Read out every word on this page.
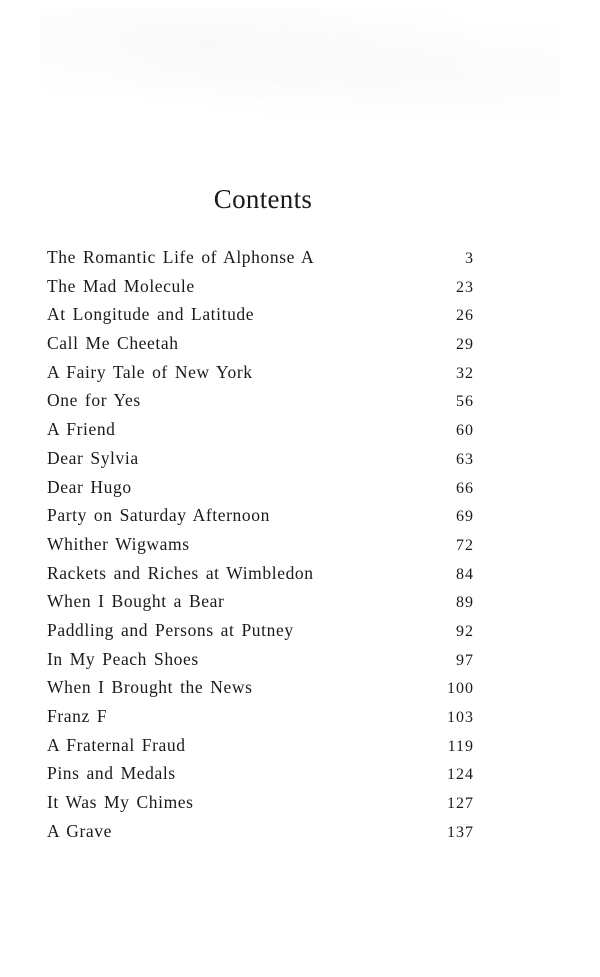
Contents
The Romantic Life of Alphonse A	3
The Mad Molecule	23
At Longitude and Latitude	26
Call Me Cheetah	29
A Fairy Tale of New York	32
One for Yes	56
A Friend	60
Dear Sylvia	63
Dear Hugo	66
Party on Saturday Afternoon	69
Whither Wigwams	72
Rackets and Riches at Wimbledon	84
When I Bought a Bear	89
Paddling and Persons at Putney	92
In My Peach Shoes	97
When I Brought the News	100
Franz F	103
A Fraternal Fraud	119
Pins and Medals	124
It Was My Chimes	127
A Grave	137
